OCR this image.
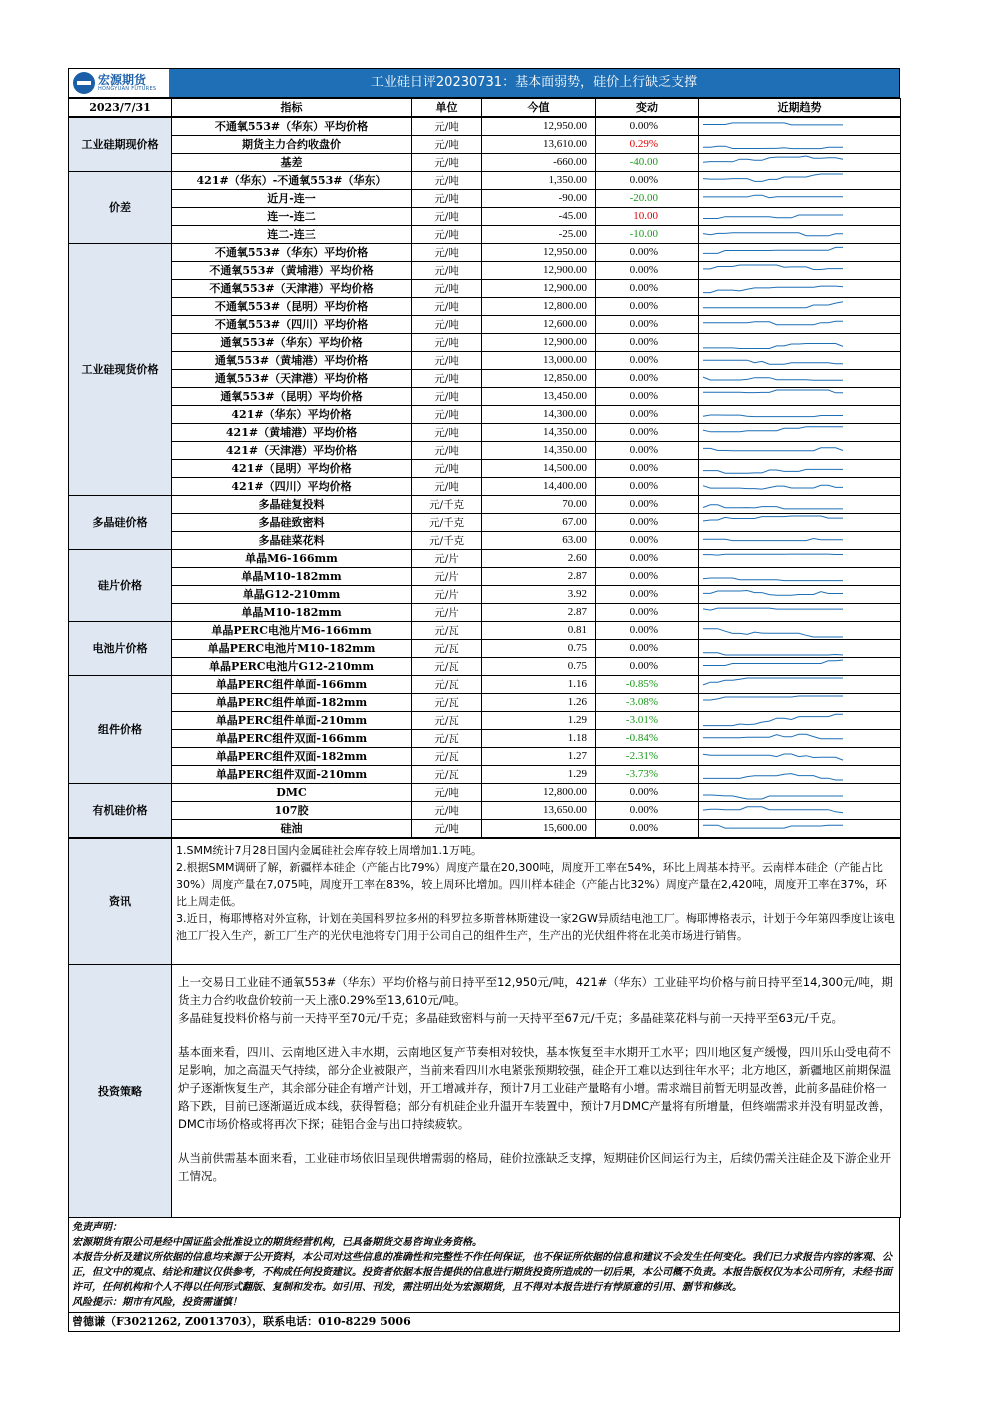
宏源期货
HONGYUAN FUTURES	工业硅日评20230731：基本面弱势，硅价上行缺乏支撑
2023/7/31	指标	单位	今值	变动	近期趋势
工业硅期现价格	不通氧553#（华东）平均价格	元/吨	12,950.00	0.00%	

	期货主力合约收盘价	元/吨	13,610.00	0.29%	

	基差	元/吨	-660.00	-40.00	

价差	421#（华东）-不通氧553#（华东）	元/吨	1,350.00	0.00%	

	近月-连一	元/吨	-90.00	-20.00	

	连一-连二	元/吨	-45.00	10.00	

	连二-连三	元/吨	-25.00	-10.00	

工业硅现货价格	不通氧553#（华东）平均价格	元/吨	12,950.00	0.00%	

	不通氧553#（黄埔港）平均价格	元/吨	12,900.00	0.00%	

	不通氧553#（天津港）平均价格	元/吨	12,900.00	0.00%	

	不通氧553#（昆明）平均价格	元/吨	12,800.00	0.00%	

	不通氧553#（四川）平均价格	元/吨	12,600.00	0.00%	

	通氧553#（华东）平均价格	元/吨	12,900.00	0.00%	

	通氧553#（黄埔港）平均价格	元/吨	13,000.00	0.00%	

	通氧553#（天津港）平均价格	元/吨	12,850.00	0.00%	

	通氧553#（昆明）平均价格	元/吨	13,450.00	0.00%	

	421#（华东）平均价格	元/吨	14,300.00	0.00%	

	421#（黄埔港）平均价格	元/吨	14,350.00	0.00%	

	421#（天津港）平均价格	元/吨	14,350.00	0.00%	

	421#（昆明）平均价格	元/吨	14,500.00	0.00%	

	421#（四川）平均价格	元/吨	14,400.00	0.00%	

多晶硅价格	多晶硅复投料	元/千克	70.00	0.00%	

	多晶硅致密料	元/千克	67.00	0.00%	

	多晶硅菜花料	元/千克	63.00	0.00%	

硅片价格	单晶M6-166mm	元/片	2.60	0.00%	

	单晶M10-182mm	元/片	2.87	0.00%	

	单晶G12-210mm	元/片	3.92	0.00%	

	单晶M10-182mm	元/片	2.87	0.00%	

电池片价格	单晶PERC电池片M6-166mm	元/瓦	0.81	0.00%	

	单晶PERC电池片M10-182mm	元/瓦	0.75	0.00%	

	单晶PERC电池片G12-210mm	元/瓦	0.75	0.00%	

组件价格	单晶PERC组件单面-166mm	元/瓦	1.16	-0.85%	

	单晶PERC组件单面-182mm	元/瓦	1.26	-3.08%	

	单晶PERC组件单面-210mm	元/瓦	1.29	-3.01%	

	单晶PERC组件双面-166mm	元/瓦	1.18	-0.84%	

	单晶PERC组件双面-182mm	元/瓦	1.27	-2.31%	

	单晶PERC组件双面-210mm	元/瓦	1.29	-3.73%	

有机硅价格	DMC	元/吨	12,800.00	0.00%	

	107胶	元/吨	13,650.00	0.00%	

	硅油	元/吨	15,600.00	0.00%	
资讯	1.SMM统计7月28日国内金属硅社会库存较上周增加1.1万吨。
2.根据SMM调研了解，新疆样本硅企（产能占比79%）周度产量在20,300吨，周度开工率在54%，环比上周基本持平。云南样本硅企（产能占比30%）周度产量在7,075吨，周度开工率在83%，较上周环比增加。四川样本硅企（产能占比32%）周度产量在2,420吨，周度开工率在37%，环比上周走低。
3.近日，梅耶博格对外宣称，计划在美国科罗拉多州的科罗拉多斯普林斯建设一家2GW异质结电池工厂。梅耶博格表示，计划于今年第四季度让该电池工厂投入生产，新工厂生产的光伏电池将专门用于公司自己的组件生产，生产出的光伏组件将在北美市场进行销售。

投资策略	上一交易日工业硅不通氧553#（华东）平均价格与前日持平至12,950元/吨，421#（华东）工业硅平均价格与前日持平至14,300元/吨，期货主力合约收盘价较前一天上涨0.29%至13,610元/吨。
多晶硅复投料价格与前一天持平至70元/千克；多晶硅致密料与前一天持平至67元/千克；多晶硅菜花料与前一天持平至63元/千克。

基本面来看，四川、云南地区进入丰水期，云南地区复产节奏相对较快，基本恢复至丰水期开工水平；四川地区复产缓慢，四川乐山受电荷不足影响，加之高温天气持续，部分企业被限产，当前来看四川水电紧张预期较强，硅企开工难以达到往年水平；北方地区，新疆地区前期保温炉子逐渐恢复生产，其余部分硅企有增产计划，开工增减并存，预计7月工业硅产量略有小增。需求端目前暂无明显改善，此前多晶硅价格一路下跌，目前已逐渐逼近成本线，获得暂稳；部分有机硅企业升温开车装置中，预计7月DMC产量将有所增量，但终端需求并没有明显改善，DMC市场价格或将再次下探；硅铝合金与出口持续疲软。

从当前供需基本面来看，工业硅市场依旧呈现供增需弱的格局，硅价拉涨缺乏支撑，短期硅价区间运行为主，后续仍需关注硅企及下游企业开工情况。

免责声明：
宏源期货有限公司是经中国证监会批准设立的期货经营机构，已具备期货交易咨询业务资格。
本报告分析及建议所依据的信息均来源于公开资料，本公司对这些信息的准确性和完整性不作任何保证，也不保证所依据的信息和建议不会发生任何变化。我们已力求报告内容的客观、公正，但文中的观点、结论和建议仅供参考，不构成任何投资建议。投资者依据本报告提供的信息进行期货投资所造成的一切后果，本公司概不负责。本报告版权仅为本公司所有，未经书面许可，任何机构和个人不得以任何形式翻版、复制和发布。如引用、刊发，需注明出处为宏源期货，且不得对本报告进行有悖原意的引用、删节和修改。
风险提示：期市有风险，投资需谨慎！
曾德谦（F3021262, Z0013703），联系电话：010-8229 5006
